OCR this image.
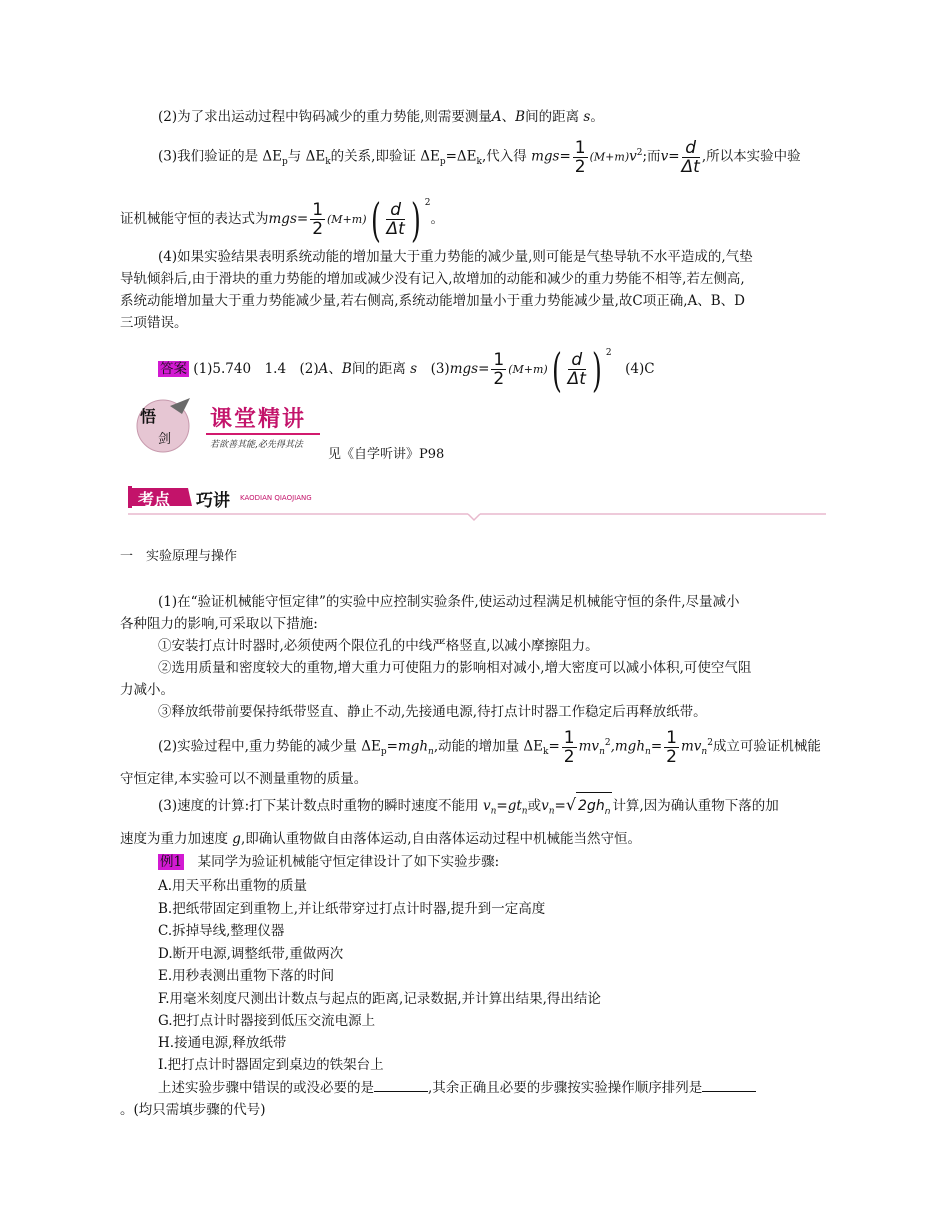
(2)为了求出运动过程中钩码减少的重力势能,则需要测量A、B间的距离 s。
(3)我们验证的是 $\Delta E_p$与 $\Delta E_k$的关系,即验证 $\Delta E_p=\Delta E_k$,代入得 $mgs= \frac{1}{2} (M+m)v^2$;而$v= \frac{d}{\Delta t}$ ,所以本实验中验
证机械能守恒的表达式为$mgs= \frac{1}{2} (M+m)( \frac{d}{\Delta t}$ ) $^2$。
(4)如果实验结果表明系统动能的增加量大于重力势能的减少量,则可能是气垫导轨不水平造成的,气垫
导轨倾斜后,由于滑块的重力势能的增加或减少没有记入,故增加的动能和减少的重力势能不相等,若左侧高,
系统动能增加量大于重力势能减少量,若右侧高,系统动能增加量小于重力势能减少量,故C项正确,A、B、D
三项错误。
答案 (1)5.740　1.4　(2)A、B间的距离 s　$(3)mgs= \frac{1}{2} (M+m)( \frac{d}{\Delta t}$ ) $^2$　(4)C
悟
剑
课堂精讲
若欲善其能,必先得其法
见《自学听讲》P98
考点 巧讲 KAODIAN QIAOJIANG
一　实验原理与操作
(1)在“验证机械能守恒定律”的实验中应控制实验条件,使运动过程满足机械能守恒的条件,尽量减小
各种阻力的影响,可采取以下措施:
①安装打点计时器时,必须使两个限位孔的中线严格竖直,以减小摩擦阻力。
②选用质量和密度较大的重物,增大重力可使阻力的影响相对减小,增大密度可以减小体积,可使空气阻
力减小。
③释放纸带前要保持纸带竖直、静止不动,先接通电源,待打点计时器工作稳定后再释放纸带。
(2)实验过程中,重力势能的减少量 $\Delta E_p=mgh_n$,动能的增加量 $\Delta E_k= \frac{1}{2} mv_n^2,mgh_n= \frac{1}{2} mv_n^2$成立可验证机械能
守恒定律,本实验可以不测量重物的质量。
(3)速度的计算:打下某计数点时重物的瞬时速度不能用 $v_n=gt_n$或$v_n=√$ $2gh_n$ 计算,因为确认重物下落的加
速度为重力加速度 g,即确认重物做自由落体运动,自由落体运动过程中机械能当然守恒。
例1　某同学为验证机械能守恒定律设计了如下实验步骤:
A.用天平称出重物的质量
B.把纸带固定到重物上,并让纸带穿过打点计时器,提升到一定高度
C.拆掉导线,整理仪器
D.断开电源,调整纸带,重做两次
E.用秒表测出重物下落的时间
F.用毫米刻度尺测出计数点与起点的距离,记录数据,并计算出结果,得出结论
G.把打点计时器接到低压交流电源上
H.接通电源,释放纸带
I.把打点计时器固定到桌边的铁架台上
上述实验步骤中错误的或没必要的是	,其余正确且必要的步骤按实验操作顺序排列是
。(均只需填步骤的代号)
